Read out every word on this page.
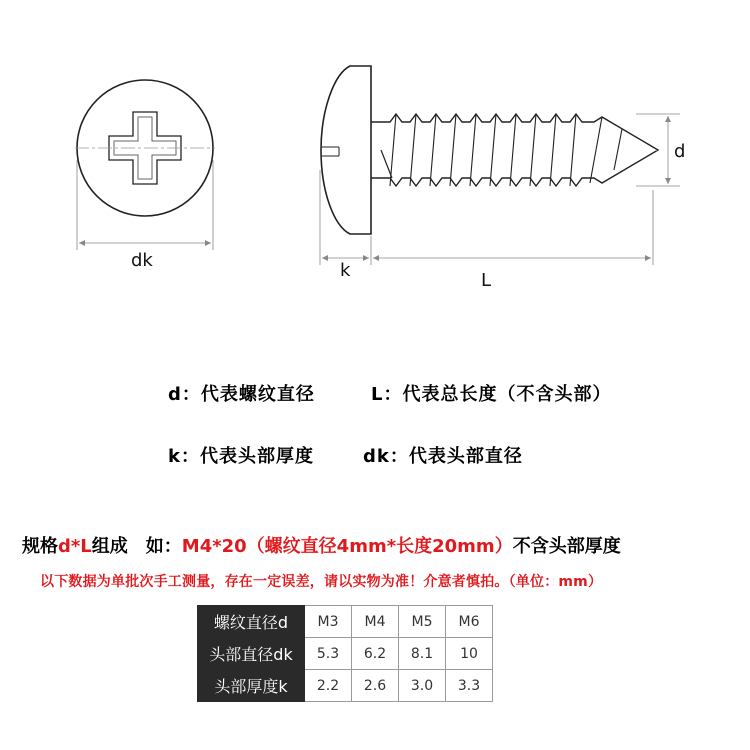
dk	k	L
d
d：代表螺纹直径	L：代表总长度（不含头部）
k：代表头部厚度	dk：代表头部直径
规格d*L组成　如：M4*20（螺纹直径4mm*长度20mm）不含头部厚度
以下数据为单批次手工测量，存在一定误差，请以实物为准！介意者慎拍。（单位：mm）
螺纹直径d	M3	M4	M5	M6
头部直径dk	5.3	6.2	8.1	10
头部厚度k	2.2	2.6	3.0	3.3
